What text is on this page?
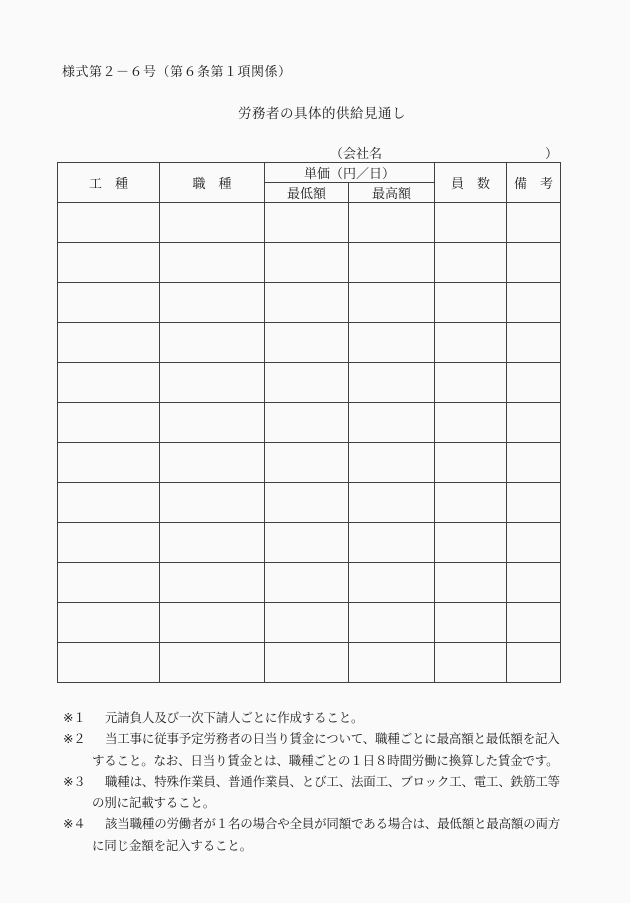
様式第２－６号（第６条第１項関係）
労務者の具体的供給見通し
（会社名	）
工　種	職　種	単価（円／日）		員　数	備　考
		最低額	最高額		

※１ 元請負人及び一次下請人ごとに作成すること。
※２ 当工事に従事予定労務者の日当り賃金について、職種ごとに最高額と最低額を記入
すること。なお、日当り賃金とは、職種ごとの１日８時間労働に換算した賃金です。
※３ 職種は、特殊作業員、普通作業員、とび工、法面工、ブロック工、電工、鉄筋工等
の別に記載すること。
※４ 該当職種の労働者が１名の場合や全員が同額である場合は、最低額と最高額の両方
に同じ金額を記入すること。
